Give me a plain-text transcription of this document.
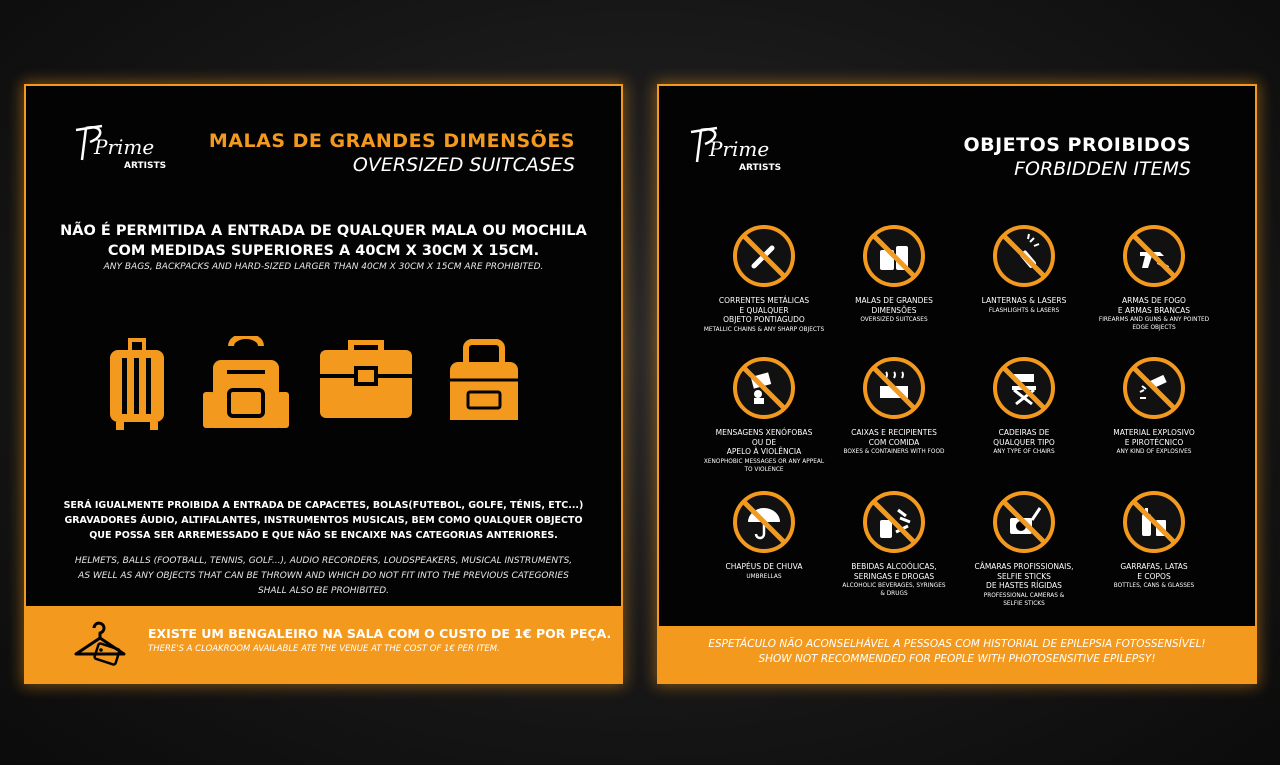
Prime
ARTISTS
MALAS DE GRANDES DIMENSÕES
OVERSIZED SUITCASES
NÃO É PERMITIDA A ENTRADA DE QUALQUER MALA OU MOCHILA
COM MEDIDAS SUPERIORES A 40CM X 30CM X 15CM.
ANY BAGS, BACKPACKS AND HARD-SIZED LARGER THAN 40CM X 30CM X 15CM ARE PROHIBITED.
SERÁ IGUALMENTE PROIBIDA A ENTRADA DE CAPACETES, BOLAS(FUTEBOL, GOLFE, TÉNIS, ETC...)
GRAVADORES ÁUDIO, ALTIFALANTES, INSTRUMENTOS MUSICAIS, BEM COMO QUALQUER OBJECTO
QUE POSSA SER ARREMESSADO E QUE NÃO SE ENCAIXE NAS CATEGORIAS ANTERIORES.
HELMETS, BALLS (FOOTBALL, TENNIS, GOLF...), AUDIO RECORDERS, LOUDSPEAKERS, MUSICAL INSTRUMENTS,
AS WELL AS ANY OBJECTS THAT CAN BE THROWN AND WHICH DO NOT FIT INTO THE PREVIOUS CATEGORIES
SHALL ALSO BE PROHIBITED.
EXISTE UM BENGALEIRO NA SALA COM O CUSTO DE 1€ POR PEÇA.
THERE'S A CLOAKROOM AVAILABLE ATE THE VENUE AT THE COST OF 1€ PER ITEM.
Prime
ARTISTS
OBJETOS PROIBIDOS
FORBIDDEN ITEMS
CORRENTES METÁLICAS
E QUALQUER
OBJETO PONTIAGUDO
METALLIC CHAINS & ANY SHARP OBJECTS
MALAS DE GRANDES
DIMENSÕES
OVERSIZED SUITCASES
LANTERNAS & LASERS
FLASHLIGHTS & LASERS
ARMAS DE FOGO
E ARMAS BRANCAS
FIREARMS AND GUNS & ANY POINTED
EDGE OBJECTS
MENSAGENS XENÓFOBAS
OU DE
APELO À VIOLÊNCIA
XENOPHOBIC MESSAGES OR ANY APPEAL
TO VIOLENCE
CAIXAS E RECIPIENTES
COM COMIDA
BOXES & CONTAINERS WITH FOOD
CADEIRAS DE
QUALQUER TIPO
ANY TYPE OF CHAIRS
MATERIAL EXPLOSIVO
E PIROTÉCNICO
ANY KIND OF EXPLOSIVES
CHAPÉUS DE CHUVA
UMBRELLAS
BEBIDAS ALCOÓLICAS,
SERINGAS E DROGAS
ALCOHOLIC BEVERAGES, SYRINGES
& DRUGS
CÂMARAS PROFISSIONAIS,
SELFIE STICKS
DE HASTES RÍGIDAS
PROFESSIONAL CAMERAS &
SELFIE STICKS
GARRAFAS, LATAS
E COPOS
BOTTLES, CANS & GLASSES
ESPETÁCULO NÃO ACONSELHÁVEL A PESSOAS COM HISTORIAL DE EPILEPSIA FOTOSSENSÍVEL!
SHOW NOT RECOMMENDED FOR PEOPLE WITH PHOTOSENSITIVE EPILEPSY!
